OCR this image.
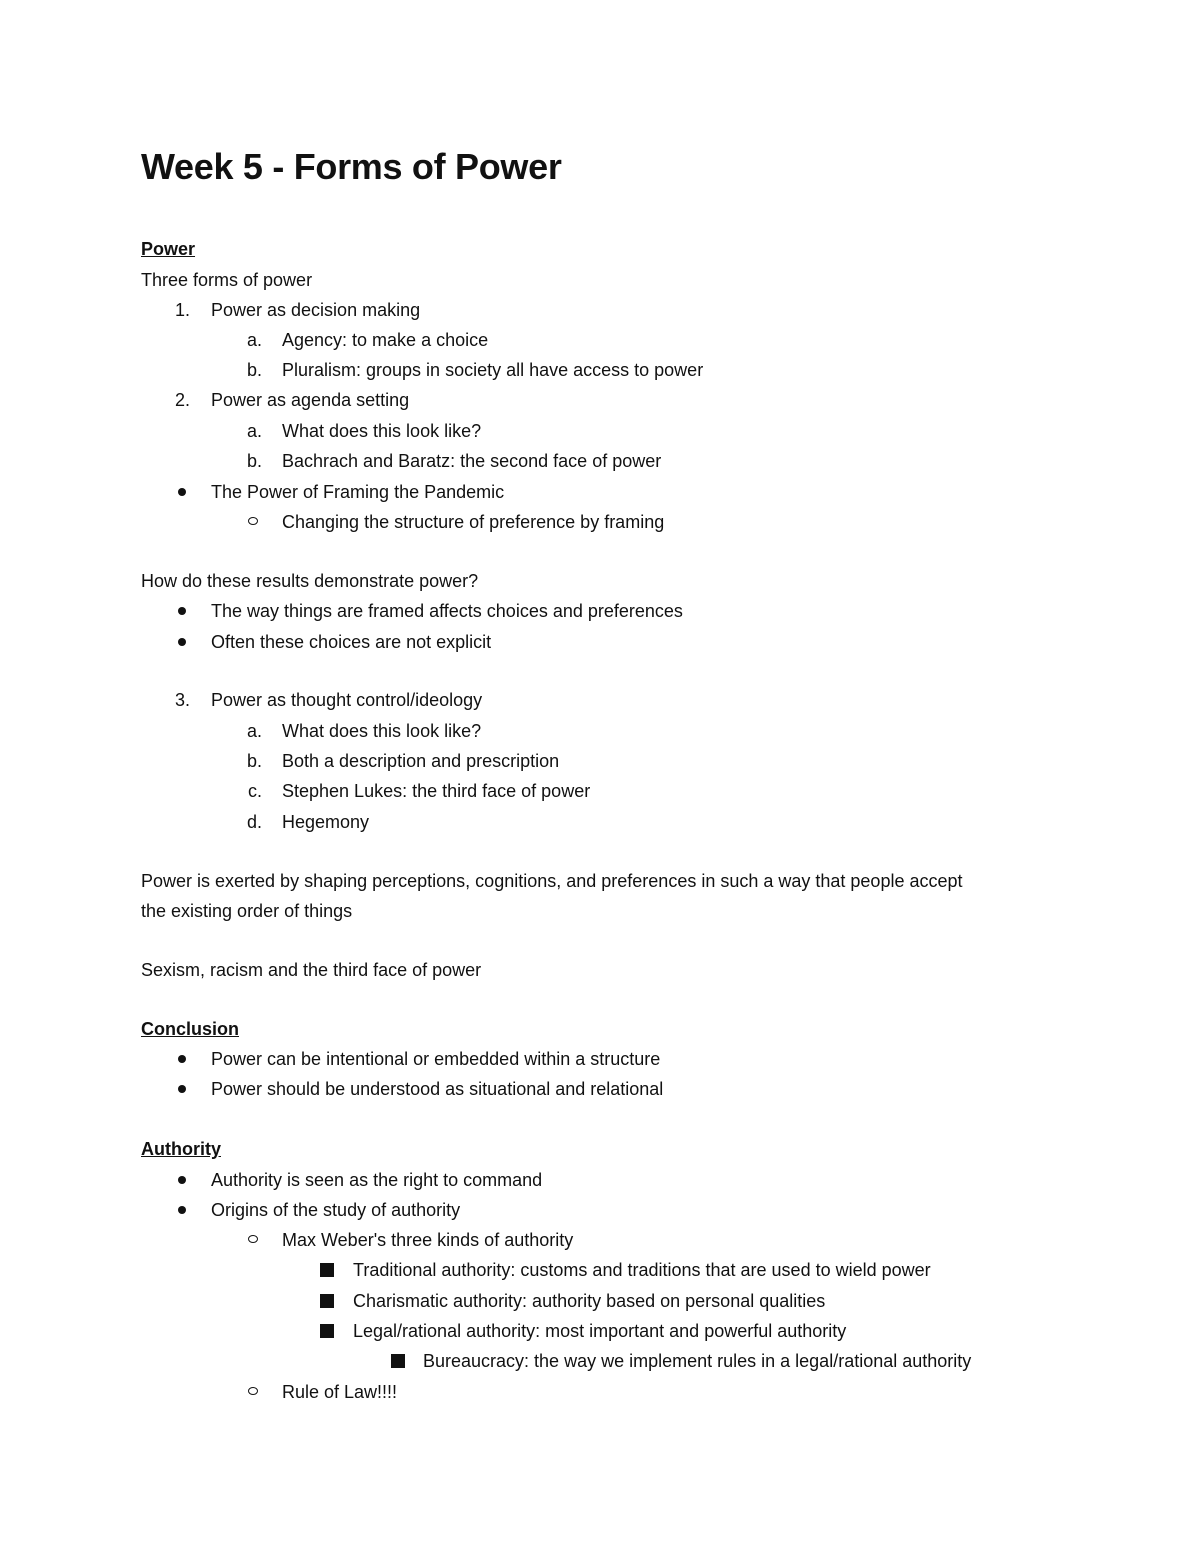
Week 5 - Forms of Power
Power
Three forms of power
1. Power as decision making
a. Agency: to make a choice
b. Pluralism: groups in society all have access to power
2. Power as agenda setting
a. What does this look like?
b. Bachrach and Baratz: the second face of power
The Power of Framing the Pandemic
Changing the structure of preference by framing
How do these results demonstrate power?
The way things are framed affects choices and preferences
Often these choices are not explicit
3. Power as thought control/ideology
a. What does this look like?
b. Both a description and prescription
c. Stephen Lukes: the third face of power
d. Hegemony
Power is exerted by shaping perceptions, cognitions, and preferences in such a way that people accept
the existing order of things
Sexism, racism and the third face of power
Conclusion
Power can be intentional or embedded within a structure
Power should be understood as situational and relational
Authority
Authority is seen as the right to command
Origins of the study of authority
Max Weber's three kinds of authority
Traditional authority: customs and traditions that are used to wield power
Charismatic authority: authority based on personal qualities
Legal/rational authority: most important and powerful authority
Bureaucracy: the way we implement rules in a legal/rational authority
Rule of Law!!!!
